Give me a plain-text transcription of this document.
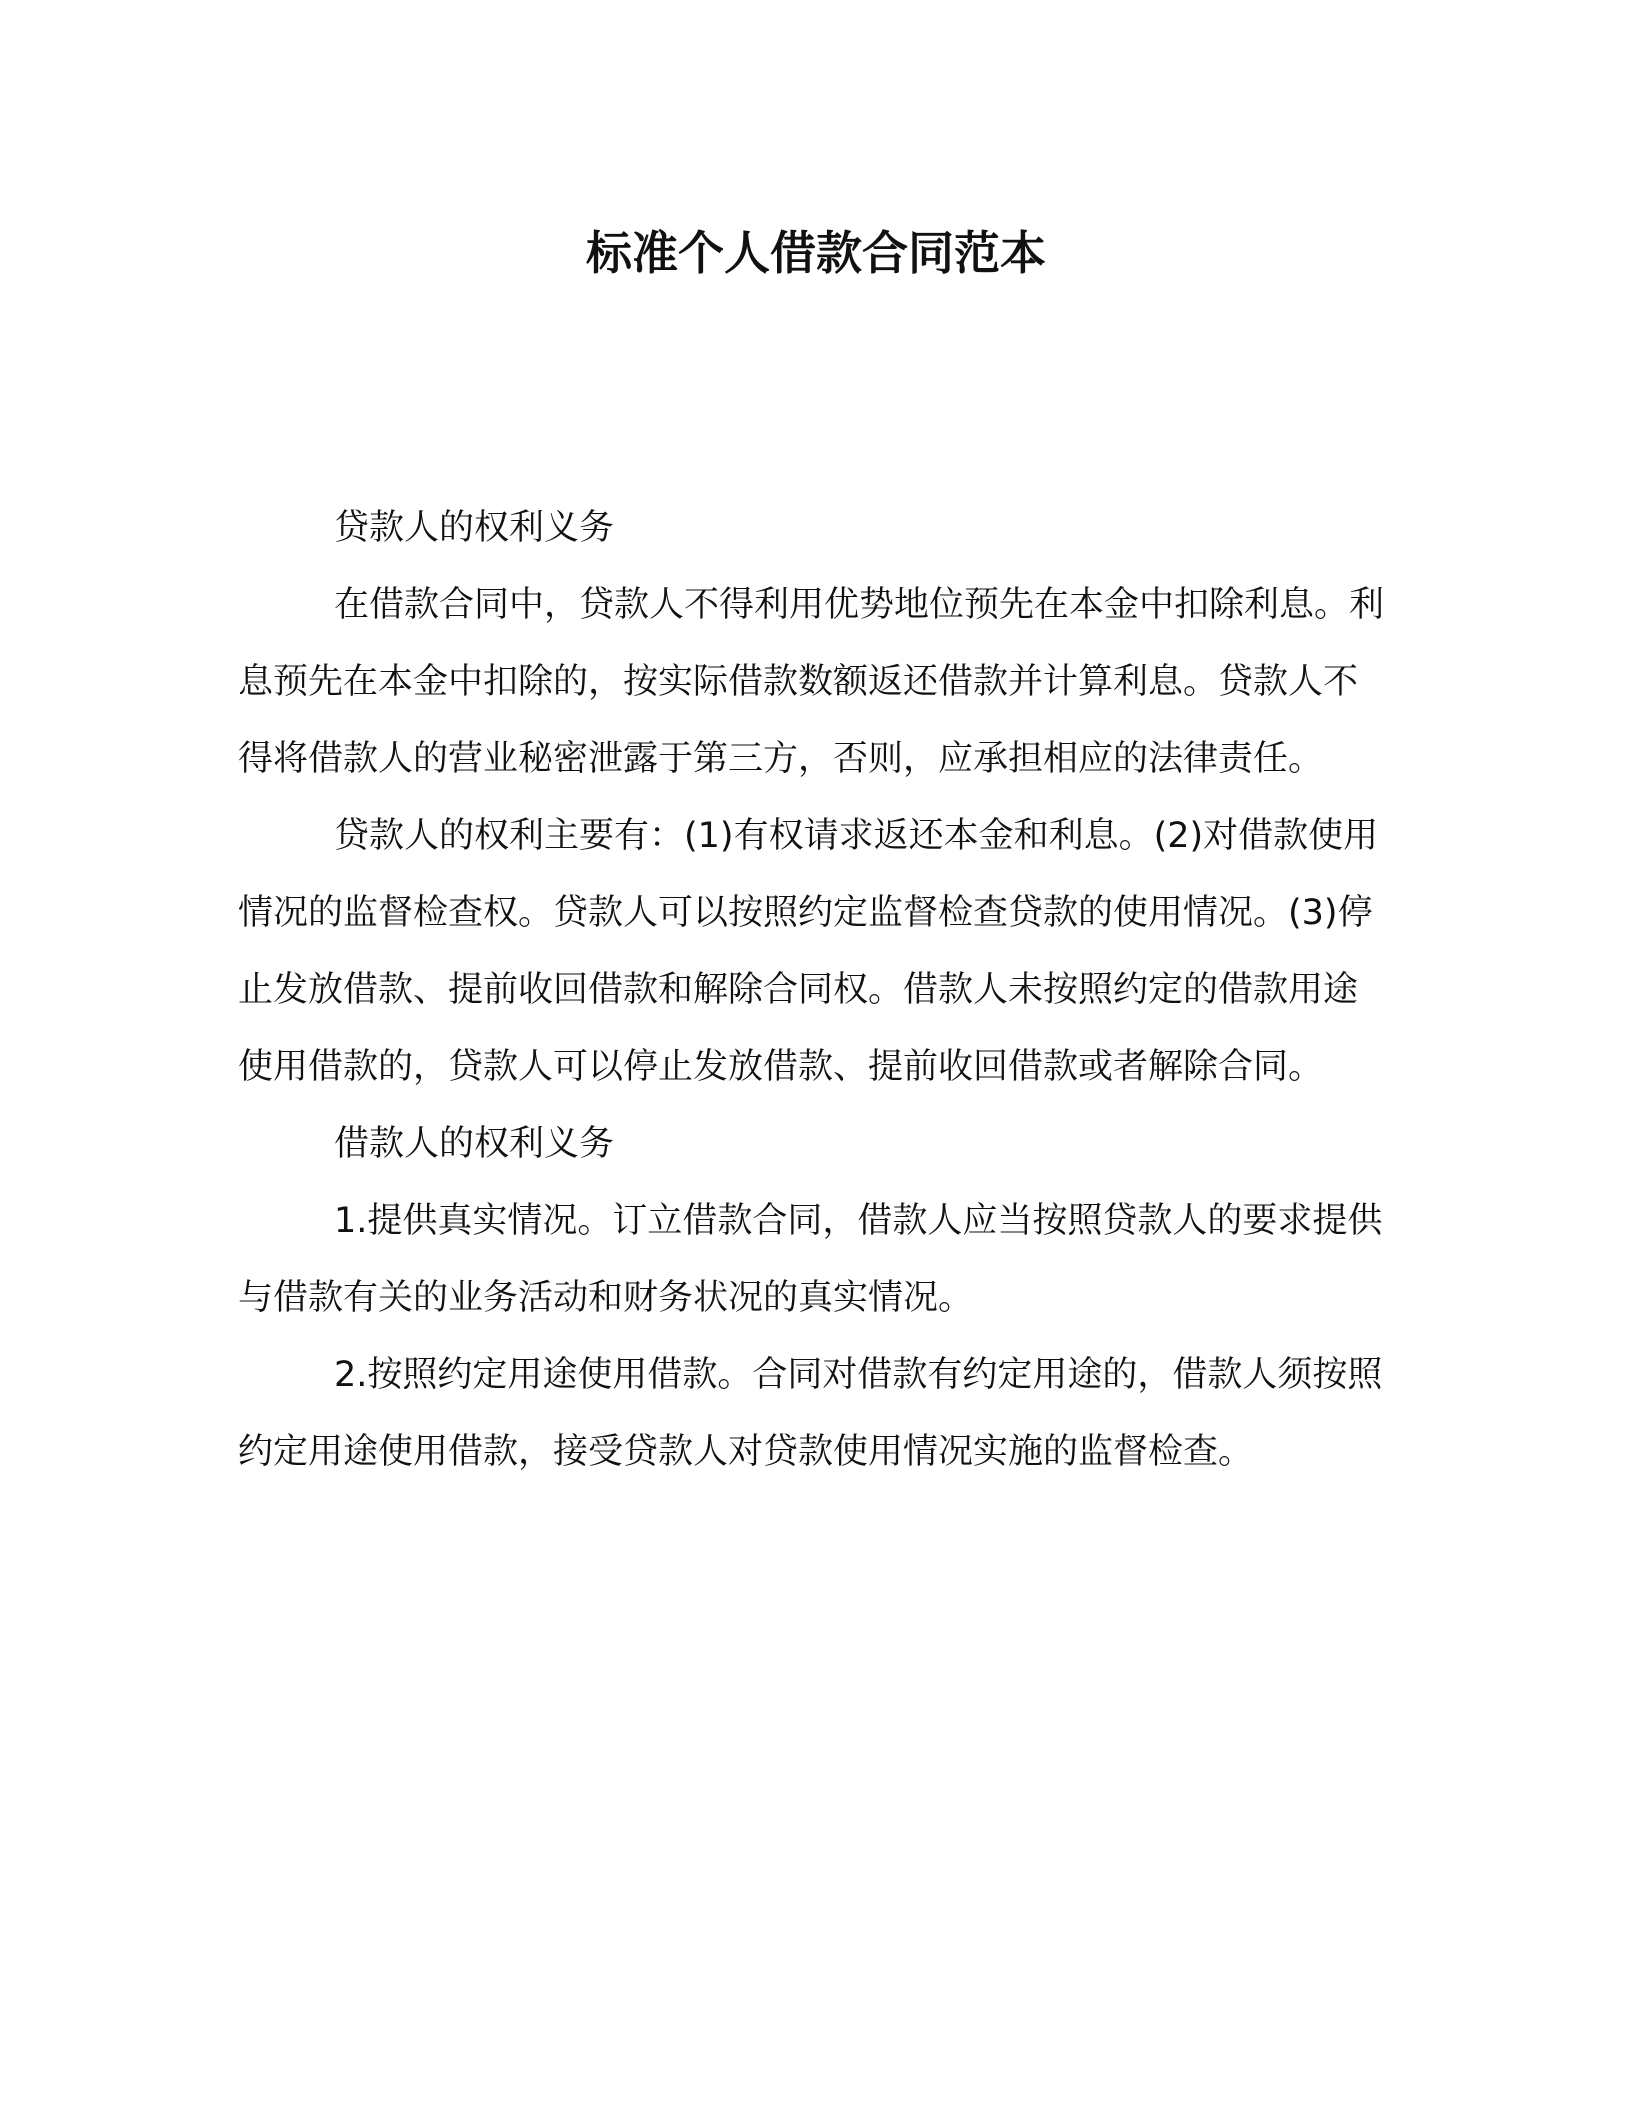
标准个人借款合同范本

贷款人的权利义务

在借款合同中，贷款人不得利用优势地位预先在本金中扣除利息。利息预先在本金中扣除的，按实际借款数额返还借款并计算利息。贷款人不得将借款人的营业秘密泄露于第三方，否则，应承担相应的法律责任。

贷款人的权利主要有：(1)有权请求返还本金和利息。(2)对借款使用情况的监督检查权。贷款人可以按照约定监督检查贷款的使用情况。(3)停止发放借款、提前收回借款和解除合同权。借款人未按照约定的借款用途使用借款的，贷款人可以停止发放借款、提前收回借款或者解除合同。

借款人的权利义务

1.提供真实情况。订立借款合同，借款人应当按照贷款人的要求提供与借款有关的业务活动和财务状况的真实情况。

2.按照约定用途使用借款。合同对借款有约定用途的，借款人须按照约定用途使用借款，接受贷款人对贷款使用情况实施的监督检查。
